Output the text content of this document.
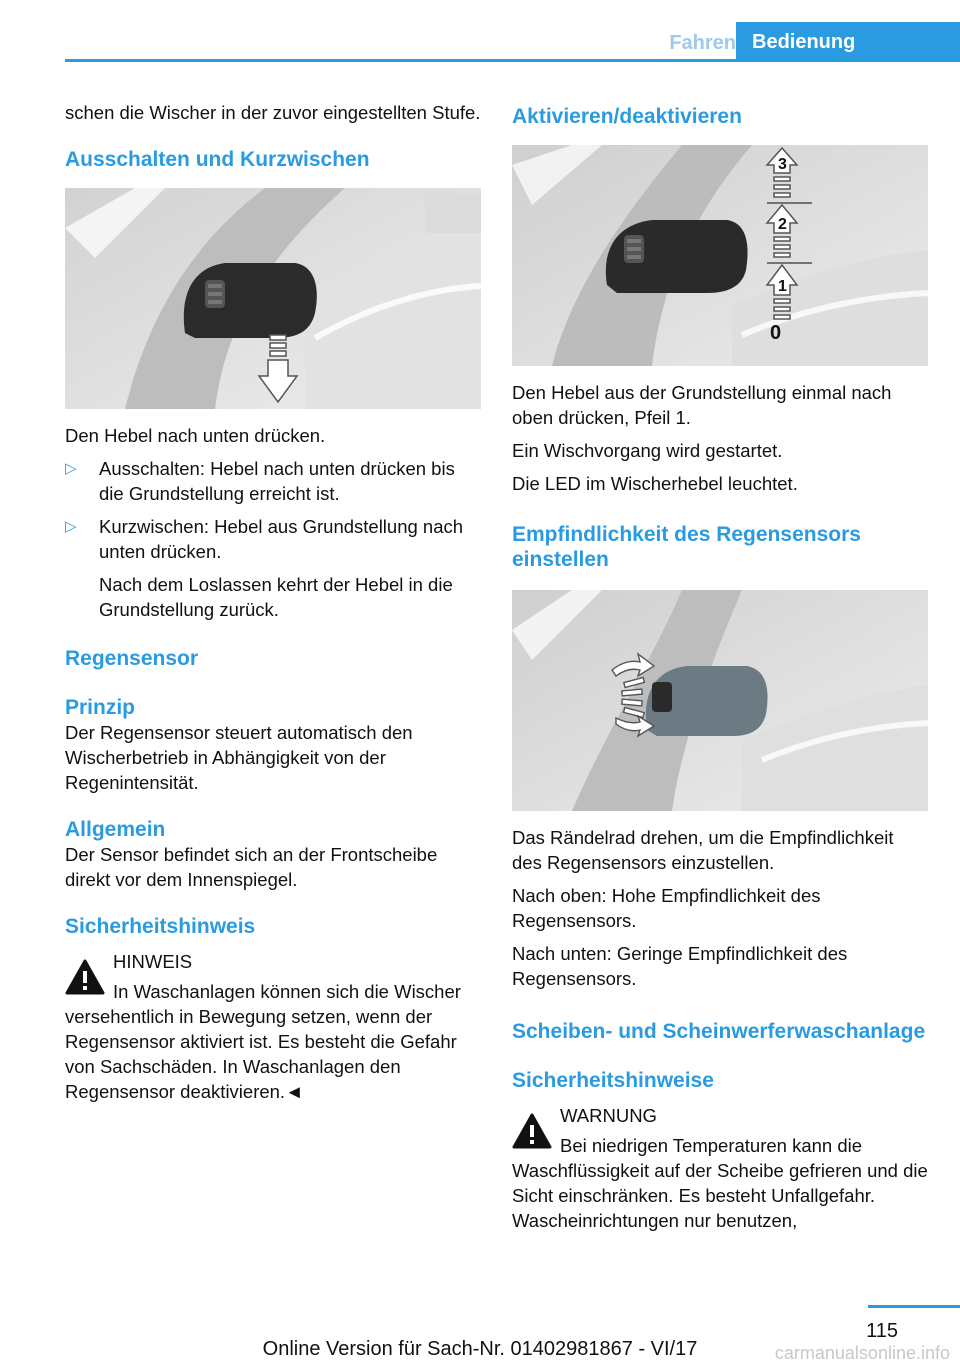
Fahren Bedienung

schen die Wischer in der zuvor eingestellten Stufe.

Ausschalten und Kurzwischen

Den Hebel nach unten drücken.

▷ Ausschalten: Hebel nach unten drücken bis die Grundstellung erreicht ist.
▷ Kurzwischen: Hebel aus Grundstellung nach unten drücken.

Nach dem Loslassen kehrt der Hebel in die Grundstellung zurück.

Regensensor
Prinzip

Der Regensensor steuert automatisch den Wischerbetrieb in Abhängigkeit von der Regenintensität.

Allgemein

Der Sensor befindet sich an der Frontscheibe direkt vor dem Innenspiegel.

Sicherheitshinweis

HINWEIS

In Waschanlagen können sich die Wischer versehentlich in Bewegung setzen, wenn der Regensensor aktiviert ist. Es besteht die Gefahr von Sachschäden. In Waschanlagen den Regensensor deaktivieren.◄

Aktivieren/deaktivieren
3
2
1
0

Den Hebel aus der Grundstellung einmal nach oben drücken, Pfeil 1.

Ein Wischvorgang wird gestartet.

Die LED im Wischerhebel leuchtet.

Empfindlichkeit des Regensensors einstellen

Das Rändelrad drehen, um die Empfindlichkeit des Regensensors einzustellen.

Nach oben: Hohe Empfindlichkeit des Regensensors.

Nach unten: Geringe Empfindlichkeit des Regensensors.

Scheiben- und Scheinwerferwaschanlage
Sicherheitshinweise

WARNUNG

Bei niedrigen Temperaturen kann die Waschflüssigkeit auf der Scheibe gefrieren und die Sicht einschränken. Es besteht Unfallgefahr. Wascheinrichtungen nur benutzen,

115
Online Version für Sach-Nr. 01402981867 - VI/17	carmanualsonline.info
